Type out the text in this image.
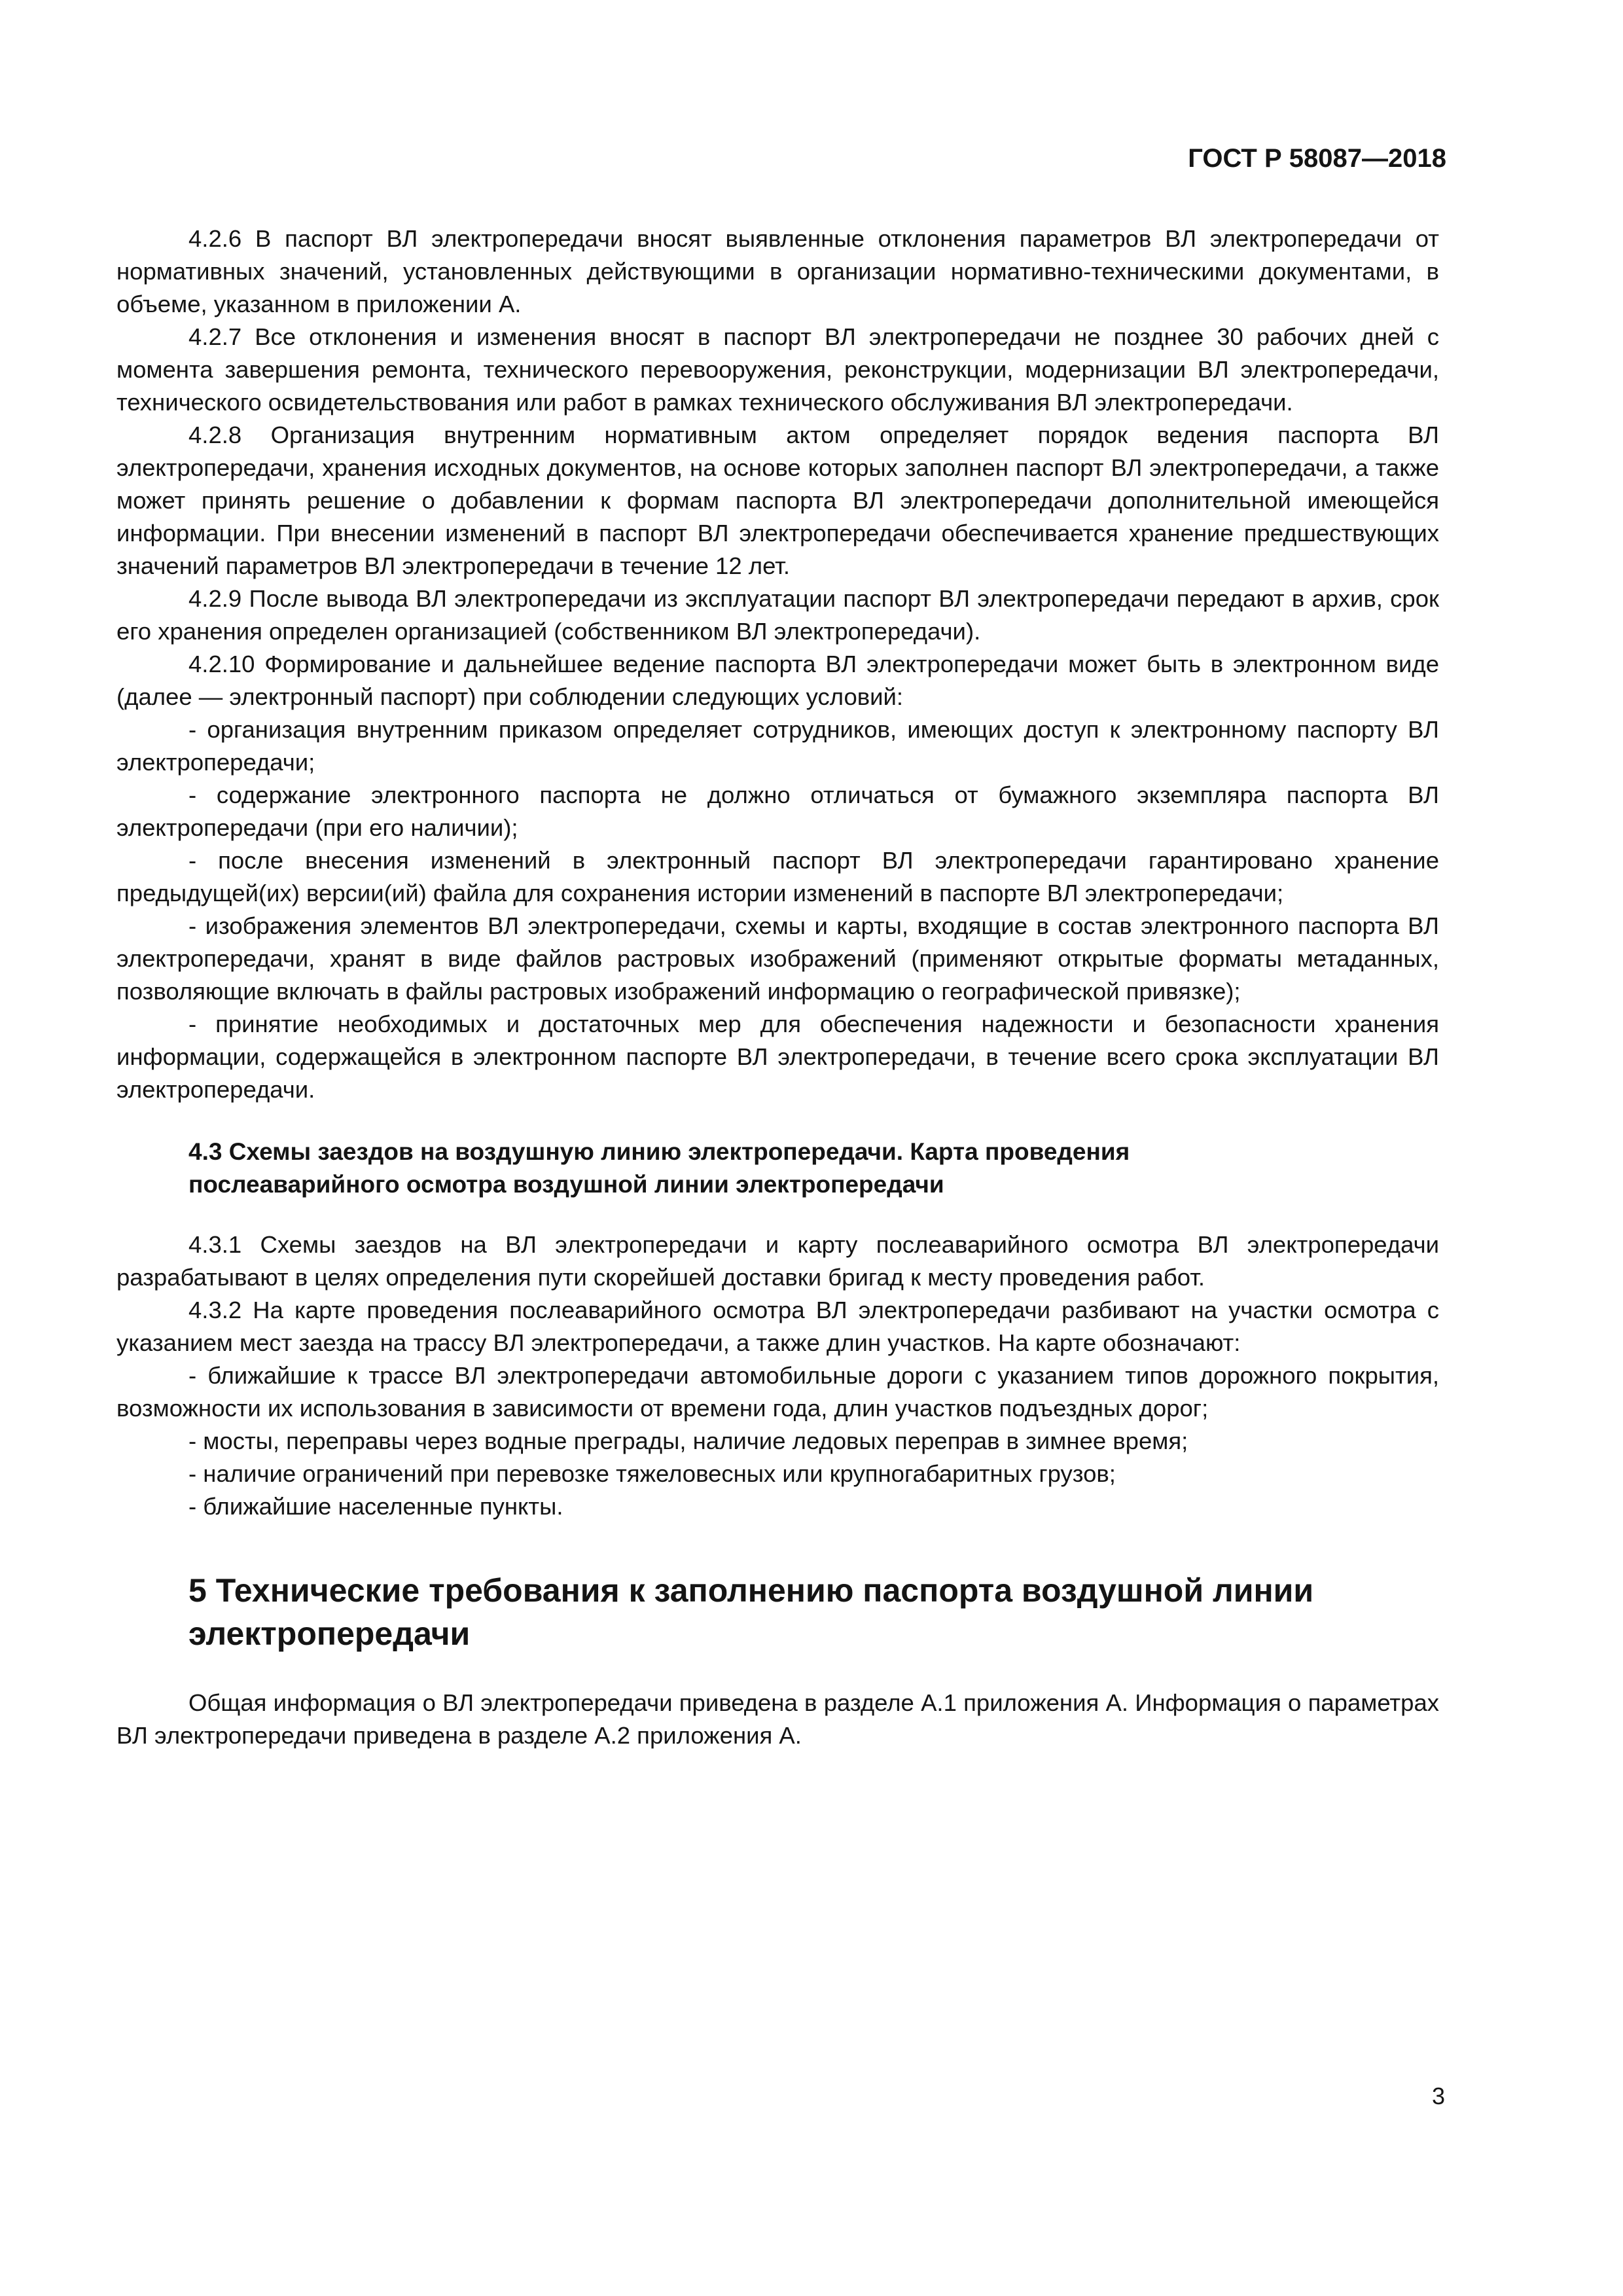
ГОСТ Р 58087—2018

4.2.6 В паспорт ВЛ электропередачи вносят выявленные отклонения параметров ВЛ электропередачи от нормативных значений, установленных действующими в организации нормативно-техническими документами, в объеме, указанном в приложении А.

4.2.7 Все отклонения и изменения вносят в паспорт ВЛ электропередачи не позднее 30 рабочих дней с момента завершения ремонта, технического перевооружения, реконструкции, модернизации ВЛ электропередачи, технического освидетельствования или работ в рамках технического обслуживания ВЛ электропередачи.

4.2.8 Организация внутренним нормативным актом определяет порядок ведения паспорта ВЛ электропередачи, хранения исходных документов, на основе которых заполнен паспорт ВЛ электропередачи, а также может принять решение о добавлении к формам паспорта ВЛ электропередачи дополнительной имеющейся информации. При внесении изменений в паспорт ВЛ электропередачи обеспечивается хранение предшествующих значений параметров ВЛ электропередачи в течение 12 лет.

4.2.9 После вывода ВЛ электропередачи из эксплуатации паспорт ВЛ электропередачи передают в архив, срок его хранения определен организацией (собственником ВЛ электропередачи).

4.2.10 Формирование и дальнейшее ведение паспорта ВЛ электропередачи может быть в электронном виде (далее — электронный паспорт) при соблюдении следующих условий:

- организация внутренним приказом определяет сотрудников, имеющих доступ к электронному паспорту ВЛ электропередачи;

- содержание электронного паспорта не должно отличаться от бумажного экземпляра паспорта ВЛ электропередачи (при его наличии);

- после внесения изменений в электронный паспорт ВЛ электропередачи гарантировано хранение предыдущей(их) версии(ий) файла для сохранения истории изменений в паспорте ВЛ электропередачи;

- изображения элементов ВЛ электропередачи, схемы и карты, входящие в состав электронного паспорта ВЛ электропередачи, хранят в виде файлов растровых изображений (применяют открытые форматы метаданных, позволяющие включать в файлы растровых изображений информацию о географической привязке);

- принятие необходимых и достаточных мер для обеспечения надежности и безопасности хранения информации, содержащейся в электронном паспорте ВЛ электропередачи, в течение всего срока эксплуатации ВЛ электропередачи.

4.3 Схемы заездов на воздушную линию электропередачи. Карта проведения
послеаварийного осмотра воздушной линии электропередачи

4.3.1 Схемы заездов на ВЛ электропередачи и карту послеаварийного осмотра ВЛ электропередачи разрабатывают в целях определения пути скорейшей доставки бригад к месту проведения работ.

4.3.2 На карте проведения послеаварийного осмотра ВЛ электропередачи разбивают на участки осмотра с указанием мест заезда на трассу ВЛ электропередачи, а также длин участков. На карте обозначают:

- ближайшие к трассе ВЛ электропередачи автомобильные дороги с указанием типов дорожного покрытия, возможности их использования в зависимости от времени года, длин участков подъездных дорог;

- мосты, переправы через водные преграды, наличие ледовых переправ в зимнее время;

- наличие ограничений при перевозке тяжеловесных или крупногабаритных грузов;

- ближайшие населенные пункты.

5 Технические требования к заполнению паспорта воздушной линии электропередачи

Общая информация о ВЛ электропередачи приведена в разделе А.1 приложения А. Информация о параметрах ВЛ электропередачи приведена в разделе А.2 приложения А.

3
